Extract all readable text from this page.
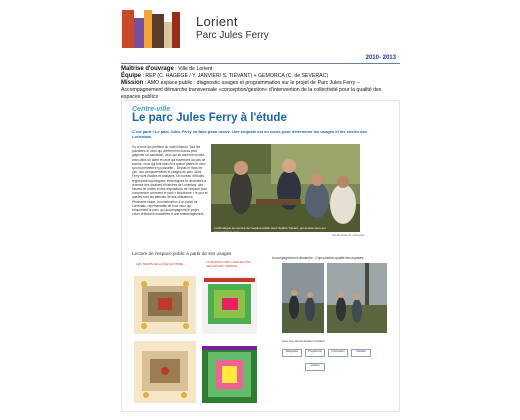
Lorient
Parc Jules Ferry
2010- 2013
Maîtrise d'ouvrage : Ville de Lorient
Équipe : REP (C. HAGÈGE / Y. JANVIER/ S. TIÉVANT) + GEMORCA (C. de SEVERAC)
Mission : AMO espace public : diagnostic usages et programmation sur le projet de Parc Jules Ferry – Accompagnement démarche transversale «conception/gestion» d'intervention de la collectivité pour la qualité des espaces publics
Centre-ville
Le parc Jules Ferry à l'étude
C'est parti ! Le parc Jules Ferry va faire peau neuve. Une enquête est en cours pour déterminer les usages et les envies des Lorientais.
Il y a ceux qui profitent du soleil blanchi. Tout les poussées et ceux qui préfèrent les bancs pour grignoter un sandwich, ceux qui se donnent rendez-vous dans un abbé et ceux qui traversent au pas de course, ceux qui font blanchi à quatre pattes et ceux qu'ont première en poussette... Depuis le mois de juin, nos comportements et usages du parc Jules Ferry sont étudiés et analysés. Un bureau d'études regroupant sociologues, ethnologues et urbanistes a recensé des dizaines d'histoires de Lorientais, des heures de visites et des dispositions de l'espace pour comprendre comment le parc « fonctionne » le jour et quelles sont les attentes de ses utilisateurs. Prochaine étape, la construction d'un panel de Lorientais, représentatifs de tous ceux qui fréquentent le parc, qui accompagnera le projet. Leurs réflexions encadrées à une réaménagement.
L'ethnologue au service de l'espace public avec Sophie Tiévant, qui écoute ceux qui fréquentent le parc.
Crédit Jean-M. Hubertiel
Lecture de l'espace public à partir de ses usages
Accompagnement démarche : Coproduction qualité des espaces
LES TEMPS DE LA VIE QUOTIDIE...	LA DIVISION DES USAGES PAR CELLES DE L'ESPACE
pour une démonstration urbaine
Diagnostic	Programme	Conception	Chantier
Gestion
